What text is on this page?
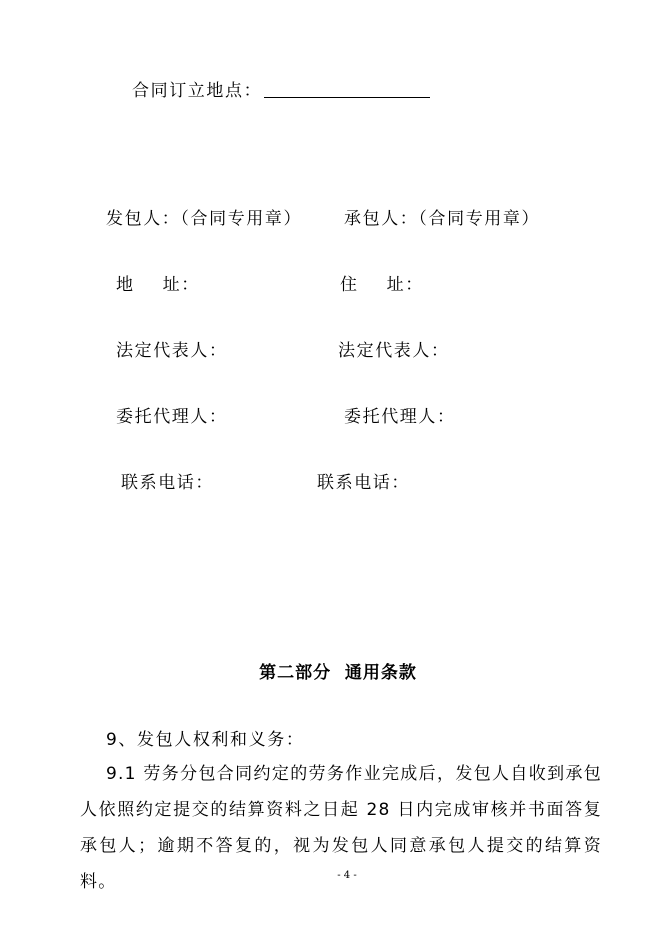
合同订立地点：
发包人：（合同专用章） 承包人：（合同专用章）
地    址：	住    址：
法定代表人：	法定代表人：
委托代理人：	委托代理人：
联系电话：	联系电话：
第二部分  通用条款
9、发包人权利和义务：
9.1 劳务分包合同约定的劳务作业完成后，发包人自收到承包人依照约定提交的结算资料之日起 28 日内完成审核并书面答复承包人；逾期不答复的，视为发包人同意承包人提交的结算资料。	- 4 -
